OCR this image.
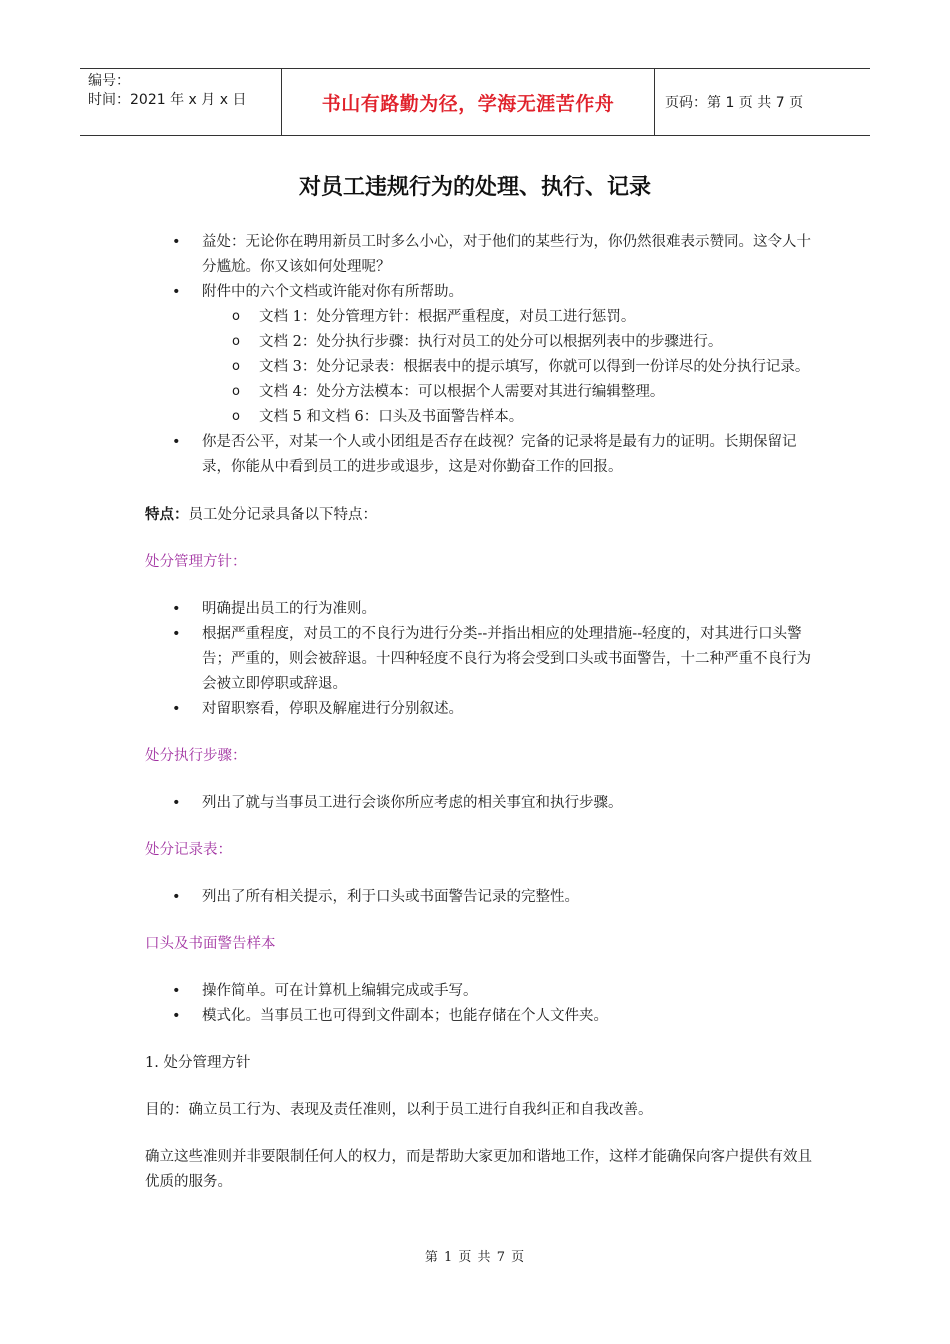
编号：
时间：2021 年 x 月 x 日	书山有路勤为径，学海无涯苦作舟	页码：第 1 页 共 7 页
对员工违规行为的处理、执行、记录
• 益处：无论你在聘用新员工时多么小心，对于他们的某些行为，你仍然很难表示赞同。这令人十分尴尬。你又该如何处理呢？
• 附件中的六个文档或许能对你有所帮助。
o 文档 1：处分管理方针：根据严重程度，对员工进行惩罚。
o 文档 2：处分执行步骤：执行对员工的处分可以根据列表中的步骤进行。
o 文档 3：处分记录表：根据表中的提示填写，你就可以得到一份详尽的处分执行记录。
o 文档 4：处分方法模本：可以根据个人需要对其进行编辑整理。
o 文档 5 和文档 6：口头及书面警告样本。
• 你是否公平，对某一个人或小团组是否存在歧视？完备的记录将是最有力的证明。长期保留记录，你能从中看到员工的进步或退步，这是对你勤奋工作的回报。

特点：员工处分记录具备以下特点：

处分管理方针：

• 明确提出员工的行为准则。
• 根据严重程度，对员工的不良行为进行分类--并指出相应的处理措施--轻度的，对其进行口头警告；严重的，则会被辞退。十四种轻度不良行为将会受到口头或书面警告，十二种严重不良行为会被立即停职或辞退。
• 对留职察看，停职及解雇进行分别叙述。

处分执行步骤：

• 列出了就与当事员工进行会谈你所应考虑的相关事宜和执行步骤。

处分记录表：

• 列出了所有相关提示，利于口头或书面警告记录的完整性。

口头及书面警告样本

• 操作简单。可在计算机上编辑完成或手写。
• 模式化。当事员工也可得到文件副本；也能存储在个人文件夹。

1. 处分管理方针

目的：确立员工行为、表现及责任准则，以利于员工进行自我纠正和自我改善。

确立这些准则并非要限制任何人的权力，而是帮助大家更加和谐地工作，这样才能确保向客户提供有效且优质的服务。

第 1 页 共 7 页
